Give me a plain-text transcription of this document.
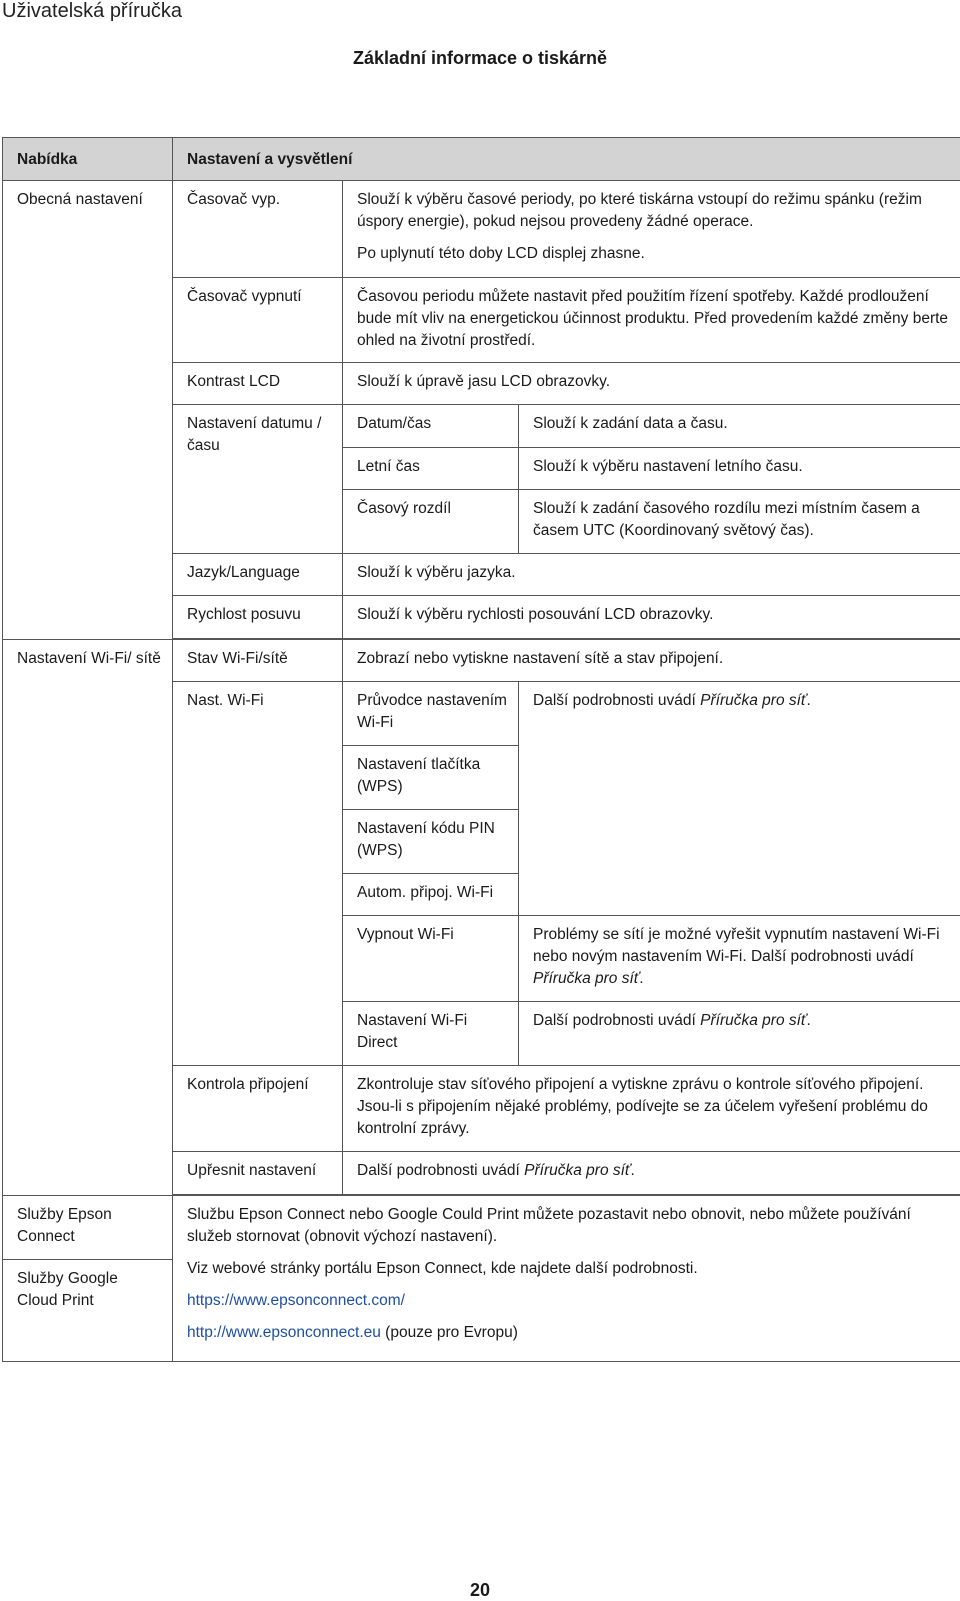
Uživatelská příručka
Základní informace o tiskárně
Nabídka	Nastavení a vysvětlení		
Obecná nastavení	Časovač vyp.	Slouží k výběru časové periody, po které tiskárna vstoupí do režimu spánku (režim úspory energie), pokud nejsou provedeny žádné operace.
Po uplynutí této doby LCD displej zhasne.	

	Časovač vypnutí	Časovou periodu můžete nastavit před použitím řízení spotřeby. Každé prodloužení bude mít vliv na energetickou účinnost produktu. Před provedením každé změny berte ohled na životní prostředí.	
	Kontrast LCD	Slouží k úpravě jasu LCD obrazovky.	
	Nastavení datumu / času	Datum/čas	Slouží k zadání data a času.
		Letní čas	Slouží k výběru nastavení letního času.
		Časový rozdíl	Slouží k zadání časového rozdílu mezi místním časem a časem UTC (Koordinovaný světový čas).
	Jazyk/Language	Slouží k výběru jazyka.	
	Rychlost posuvu	Slouží k výběru rychlosti posouvání LCD obrazovky.	

Nastavení Wi-Fi/ sítě	Stav Wi-Fi/sítě	Zobrazí nebo vytiskne nastavení sítě a stav připojení.	
	Nast. Wi-Fi	Průvodce nastavením Wi-Fi	Další podrobnosti uvádí Příručka pro síť.
		Nastavení tlačítka (WPS)	
		Nastavení kódu PIN (WPS)	
		Autom. připoj. Wi-Fi	
		Vypnout Wi-Fi	Problémy se sítí je možné vyřešit vypnutím nastavení Wi-Fi nebo novým nastavením Wi-Fi. Další podrobnosti uvádí Příručka pro síť.
		Nastavení Wi-Fi Direct	Další podrobnosti uvádí Příručka pro síť.
	Kontrola připojení	Zkontroluje stav síťového připojení a vytiskne zprávu o kontrole síťového připojení. Jsou-li s připojením nějaké problémy, podívejte se za účelem vyřešení problému do kontrolní zprávy.	
	Upřesnit nastavení	Další podrobnosti uvádí Příručka pro síť.	

Služby Epson Connect	Službu Epson Connect nebo Google Could Print můžete pozastavit nebo obnovit, nebo můžete používání služeb stornovat (obnovit výchozí nastavení).
Viz webové stránky portálu Epson Connect, kde najdete další podrobnosti.
https://www.epsonconnect.com/
http://www.epsonconnect.eu (pouze pro Evropu)		

Služby Google Cloud Print			
20
